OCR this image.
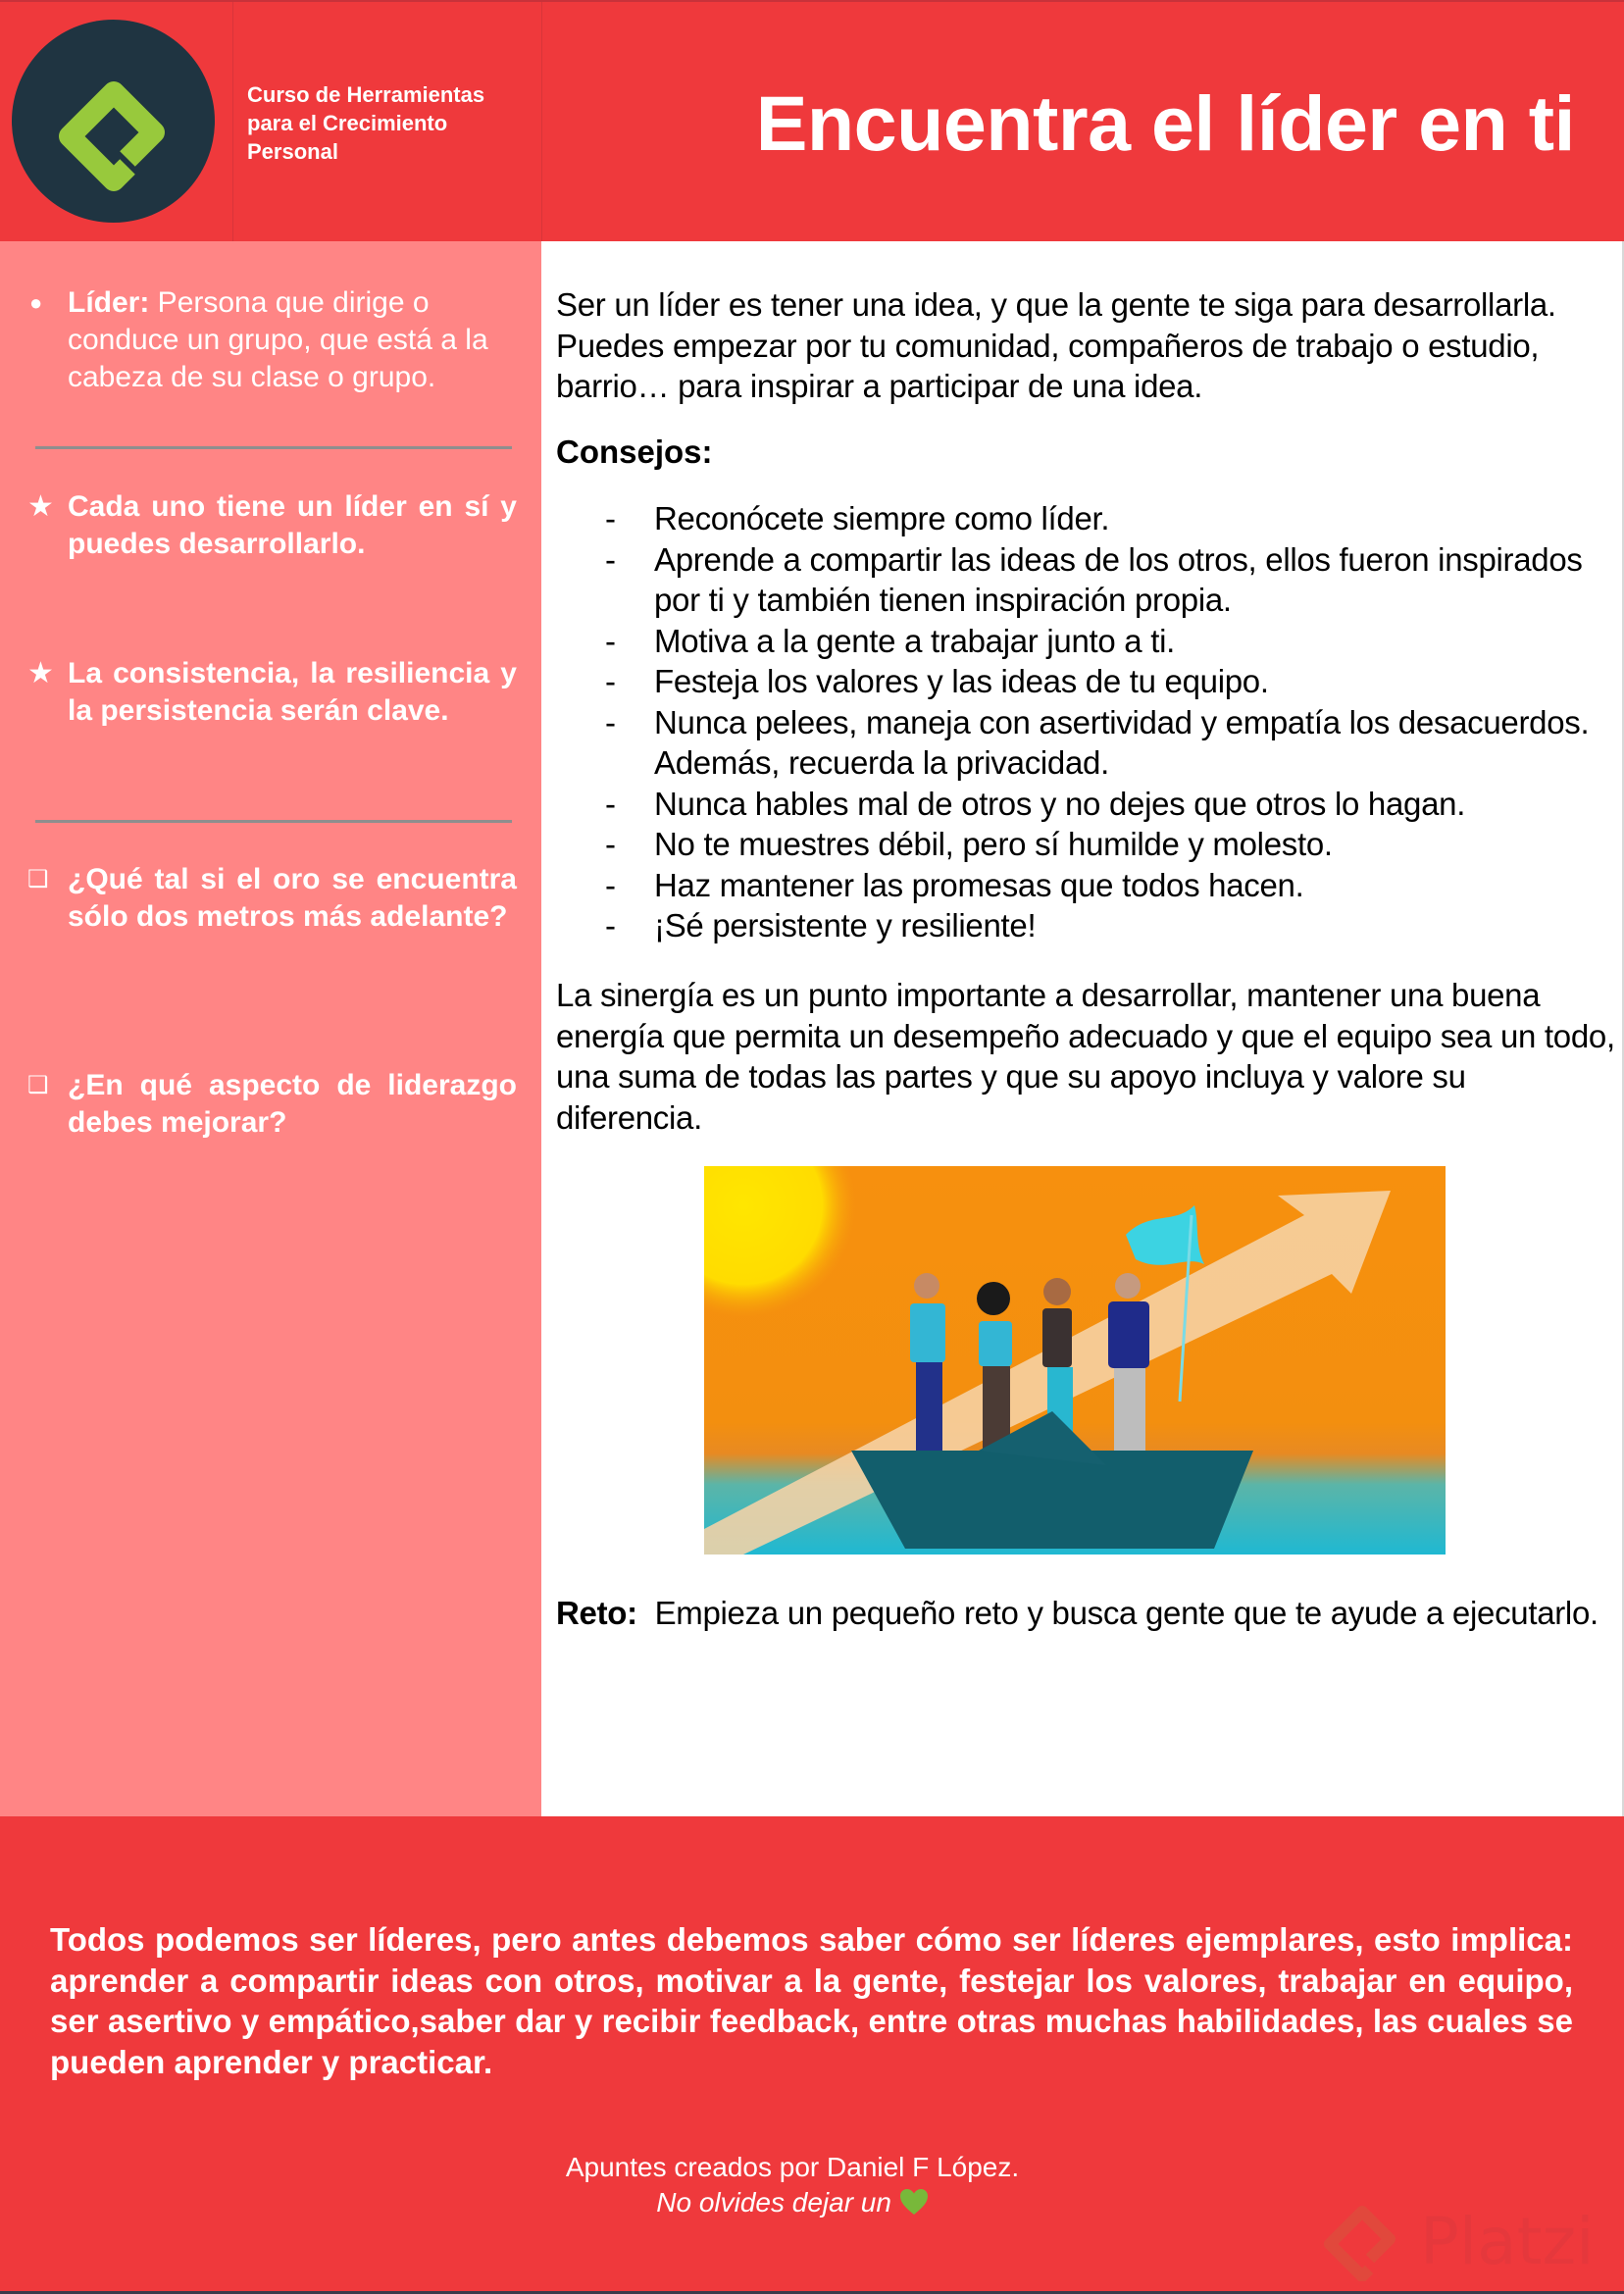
Curso de Herramientas para el Crecimiento Personal	Encuentra el líder en ti
● Líder: Persona que dirige o conduce un grupo, que está a la cabeza de su clase o grupo.
★ Cada uno tiene un líder en sí y puedes desarrollarlo.
★ La consistencia, la resiliencia y la persistencia serán clave.
❑ ¿Qué tal si el oro se encuentra sólo dos metros más adelante?
❑ ¿En qué aspecto de liderazgo debes mejorar?

Ser un líder es tener una idea, y que la gente te siga para desarrollarla. Puedes empezar por tu comunidad, compañeros de trabajo o estudio, barrio… para inspirar a participar de una idea.

Consejos:
- Reconócete siempre como líder.
- Aprende a compartir las ideas de los otros, ellos fueron inspirados por ti y también tienen inspiración propia.
- Motiva a la gente a trabajar junto a ti.
- Festeja los valores y las ideas de tu equipo.
- Nunca pelees, maneja con asertividad y empatía los desacuerdos. Además, recuerda la privacidad.
- Nunca hables mal de otros y no dejes que otros lo hagan.
- No te muestres débil, pero sí humilde y molesto.
- Haz mantener las promesas que todos hacen.
- ¡Sé persistente y resiliente!

La sinergía es un punto importante a desarrollar, mantener una buena energía que permita un desempeño adecuado y que el equipo sea un todo, una suma de todas las partes y que su apoyo incluya y valore su diferencia.

Reto:  Empieza un pequeño reto y busca gente que te ayude a ejecutarlo.

Todos podemos ser líderes, pero antes debemos saber cómo ser líderes ejemplares, esto implica: aprender a compartir ideas con otros, motivar a la gente, festejar los valores, trabajar en equipo, ser asertivo y empático,saber dar y recibir feedback, entre otras muchas habilidades, las cuales se pueden aprender y practicar.

Apuntes creados por Daniel F López.
No olvides dejar un
Platzi
